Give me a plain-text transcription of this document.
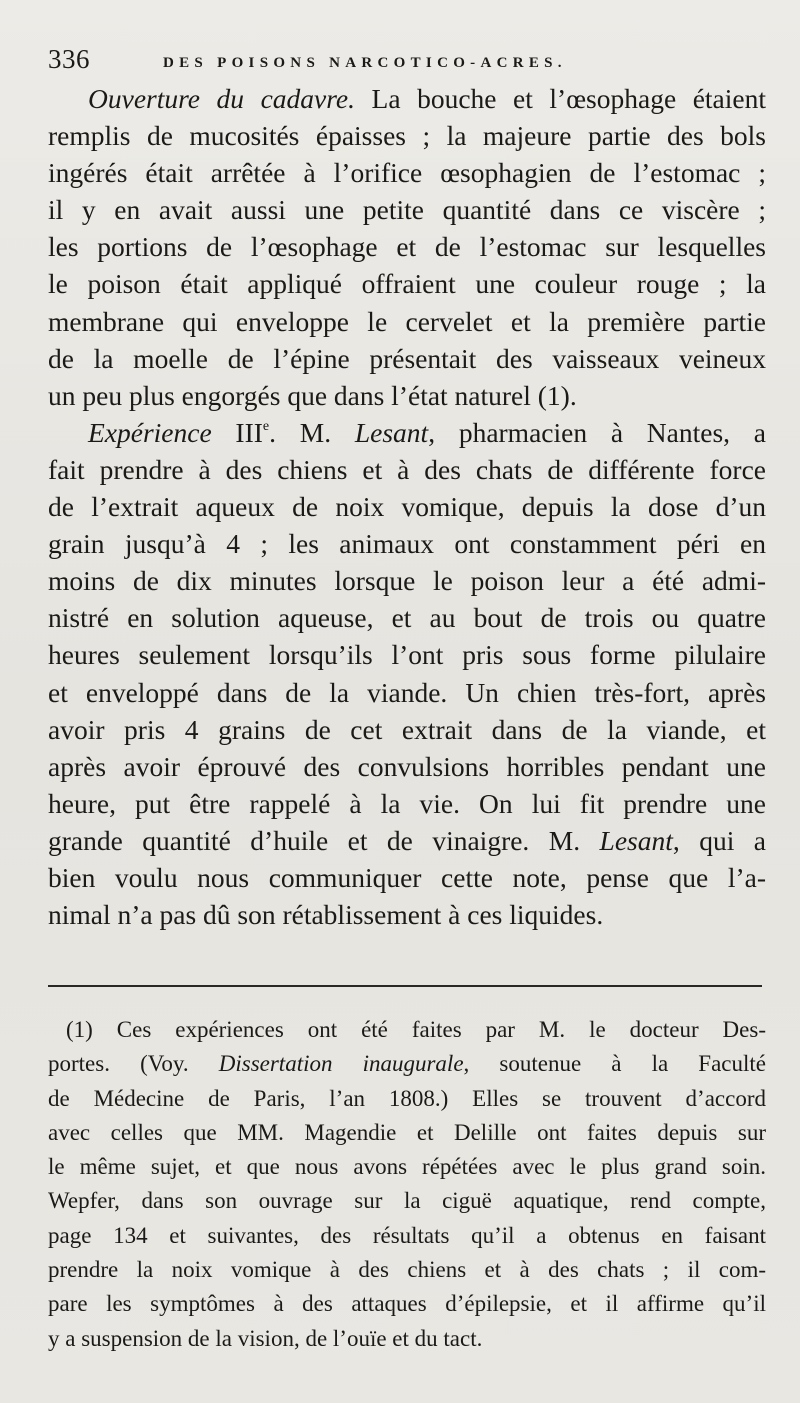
336	DES POISONS NARCOTICO-ACRES.
Ouverture du cadavre. La bouche et l’œsophage étaient
remplis de mucosités épaisses ; la majeure partie des bols
ingérés était arrêtée à l’orifice œsophagien de l’estomac ;
il y en avait aussi une petite quantité dans ce viscère ;
les portions de l’œsophage et de l’estomac sur lesquelles
le poison était appliqué offraient une couleur rouge ; la
membrane qui enveloppe le cervelet et la première partie
de la moelle de l’épine présentait des vaisseaux veineux
un peu plus engorgés que dans l’état naturel (1).
Expérience IIIe. M. Lesant, pharmacien à Nantes, a
fait prendre à des chiens et à des chats de différente force
de l’extrait aqueux de noix vomique, depuis la dose d’un
grain jusqu’à 4 ; les animaux ont constamment péri en
moins de dix minutes lorsque le poison leur a été admi-
nistré en solution aqueuse, et au bout de trois ou quatre
heures seulement lorsqu’ils l’ont pris sous forme pilulaire
et enveloppé dans de la viande. Un chien très-fort, après
avoir pris 4 grains de cet extrait dans de la viande, et
après avoir éprouvé des convulsions horribles pendant une
heure, put être rappelé à la vie. On lui fit prendre une
grande quantité d’huile et de vinaigre. M. Lesant, qui a
bien voulu nous communiquer cette note, pense que l’a-
nimal n’a pas dû son rétablissement à ces liquides.
(1) Ces expériences ont été faites par M. le docteur Des-
portes. (Voy. Dissertation inaugurale, soutenue à la Faculté
de Médecine de Paris, l’an 1808.) Elles se trouvent d’accord
avec celles que MM. Magendie et Delille ont faites depuis sur
le même sujet, et que nous avons répétées avec le plus grand soin.
Wepfer, dans son ouvrage sur la ciguë aquatique, rend compte,
page 134 et suivantes, des résultats qu’il a obtenus en faisant
prendre la noix vomique à des chiens et à des chats ; il com-
pare les symptômes à des attaques d’épilepsie, et il affirme qu’il
y a suspension de la vision, de l’ouïe et du tact.
